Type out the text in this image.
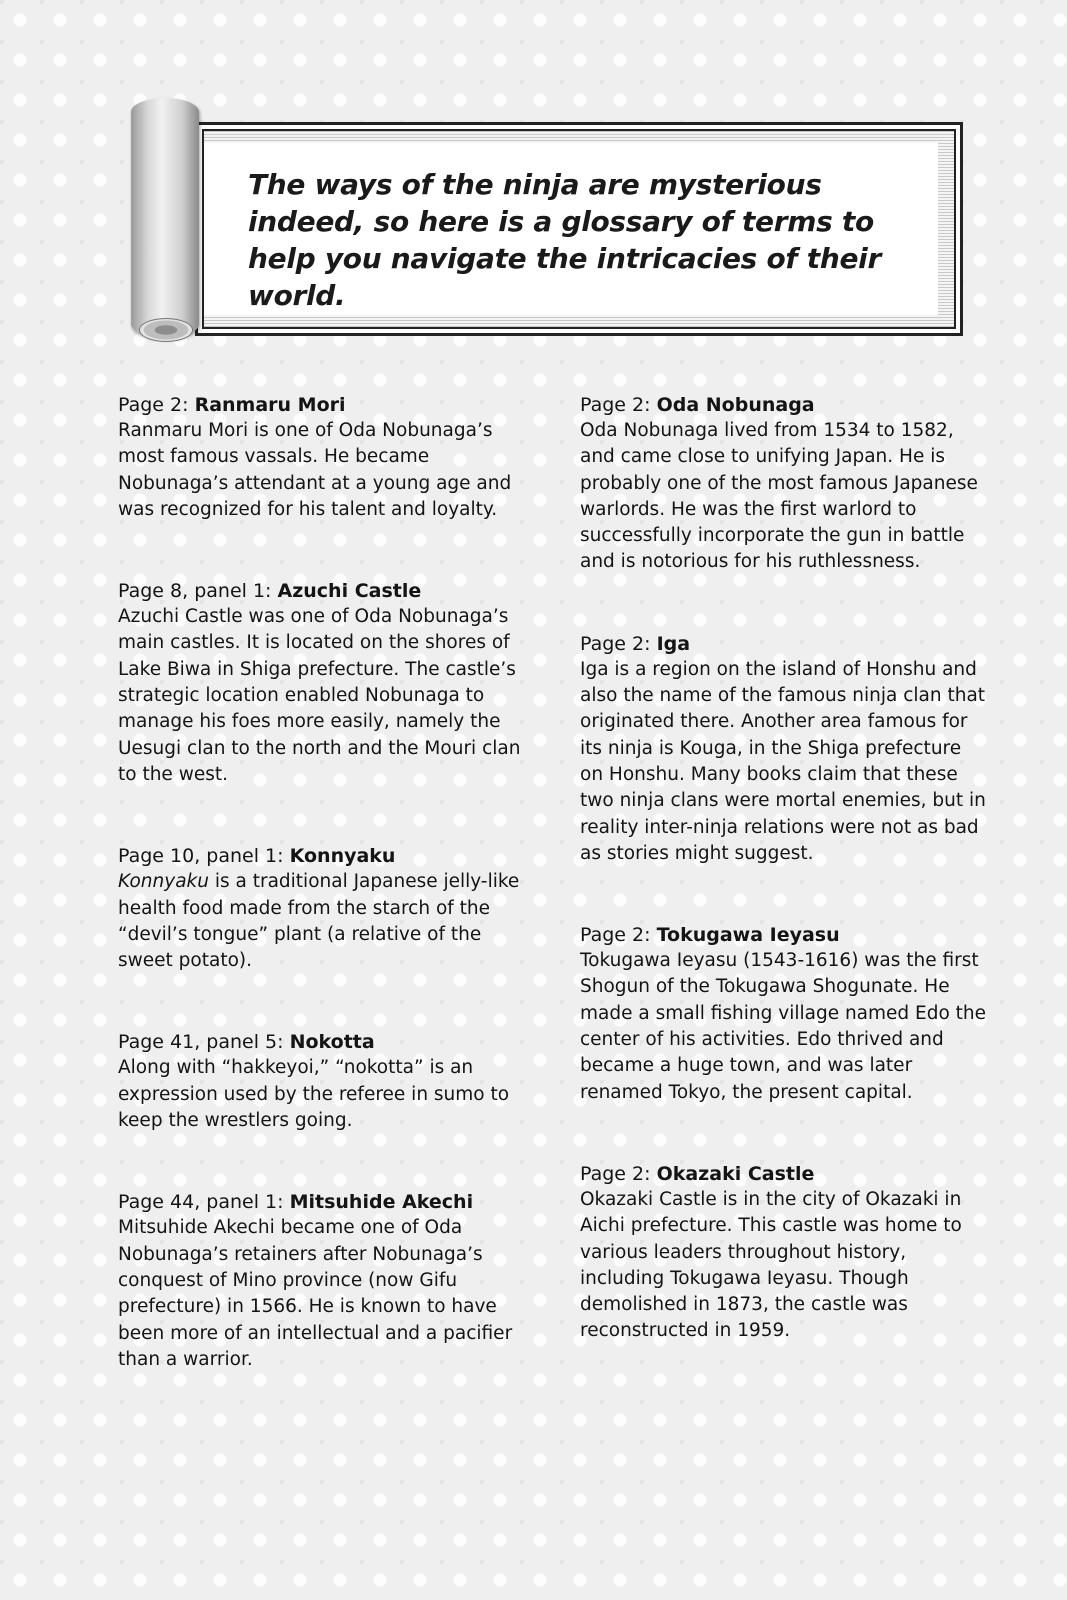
The ways of the ninja are mysterious indeed, so here is a glossary of terms to help you navigate the intricacies of their world.

Page 2: Ranmaru Mori

Ranmaru Mori is one of Oda Nobunaga’s most famous vassals. He became Nobunaga’s attendant at a young age and was recognized for his talent and loyalty.

Page 8, panel 1: Azuchi Castle

Azuchi Castle was one of Oda Nobunaga’s main castles. It is located on the shores of Lake Biwa in Shiga prefecture. The castle’s strategic location enabled Nobunaga to manage his foes more easily, namely the Uesugi clan to the north and the Mouri clan to the west.

Page 10, panel 1: Konnyaku

Konnyaku is a traditional Japanese jelly-like health food made from the starch of the “devil’s tongue” plant (a relative of the sweet potato).

Page 41, panel 5: Nokotta

Along with “hakkeyoi,” “nokotta” is an expression used by the referee in sumo to keep the wrestlers going.

Page 44, panel 1: Mitsuhide Akechi

Mitsuhide Akechi became one of Oda Nobunaga’s retainers after Nobunaga’s conquest of Mino province (now Gifu prefecture) in 1566. He is known to have been more of an intellectual and a pacifier than a warrior.

Page 2: Oda Nobunaga

Oda Nobunaga lived from 1534 to 1582, and came close to unifying Japan. He is probably one of the most famous Japanese warlords. He was the first warlord to successfully incorporate the gun in battle and is notorious for his ruthlessness.

Page 2: Iga

Iga is a region on the island of Honshu and also the name of the famous ninja clan that originated there. Another area famous for its ninja is Kouga, in the Shiga prefecture on Honshu. Many books claim that these two ninja clans were mortal enemies, but in reality inter-ninja relations were not as bad as stories might suggest.

Page 2: Tokugawa Ieyasu

Tokugawa Ieyasu (1543-1616) was the first Shogun of the Tokugawa Shogunate. He made a small fishing village named Edo the center of his activities. Edo thrived and became a huge town, and was later renamed Tokyo, the present capital.

Page 2: Okazaki Castle

Okazaki Castle is in the city of Okazaki in Aichi prefecture. This castle was home to various leaders throughout history, including Tokugawa Ieyasu. Though demolished in 1873, the castle was reconstructed in 1959.
